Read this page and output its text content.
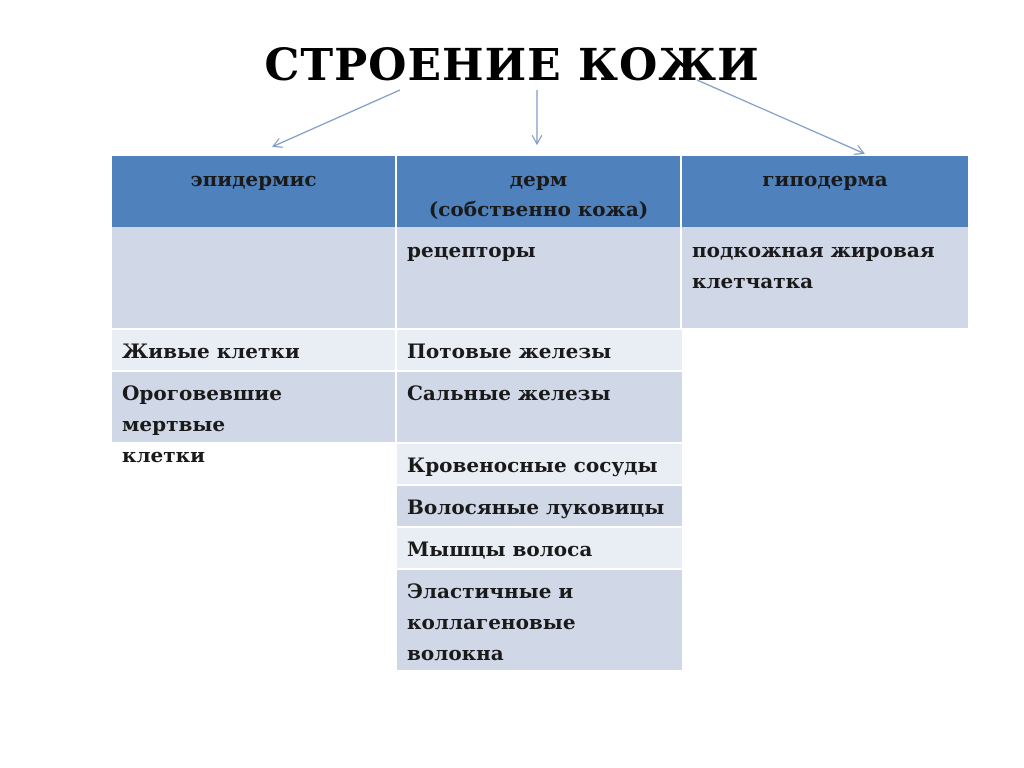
СТРОЕНИЕ КОЖИ
эпидермис	дерм
(собственно кожа)
гиподерма
рецепторы	подкожная жировая
клетчатка
Живые клетки
Ороговевшие мертвые
клетки
Потовые железы
Сальные железы
Кровеносные сосуды
Волосяные луковицы
Мышцы волоса
Эластичные и
коллагеновые
волокна
